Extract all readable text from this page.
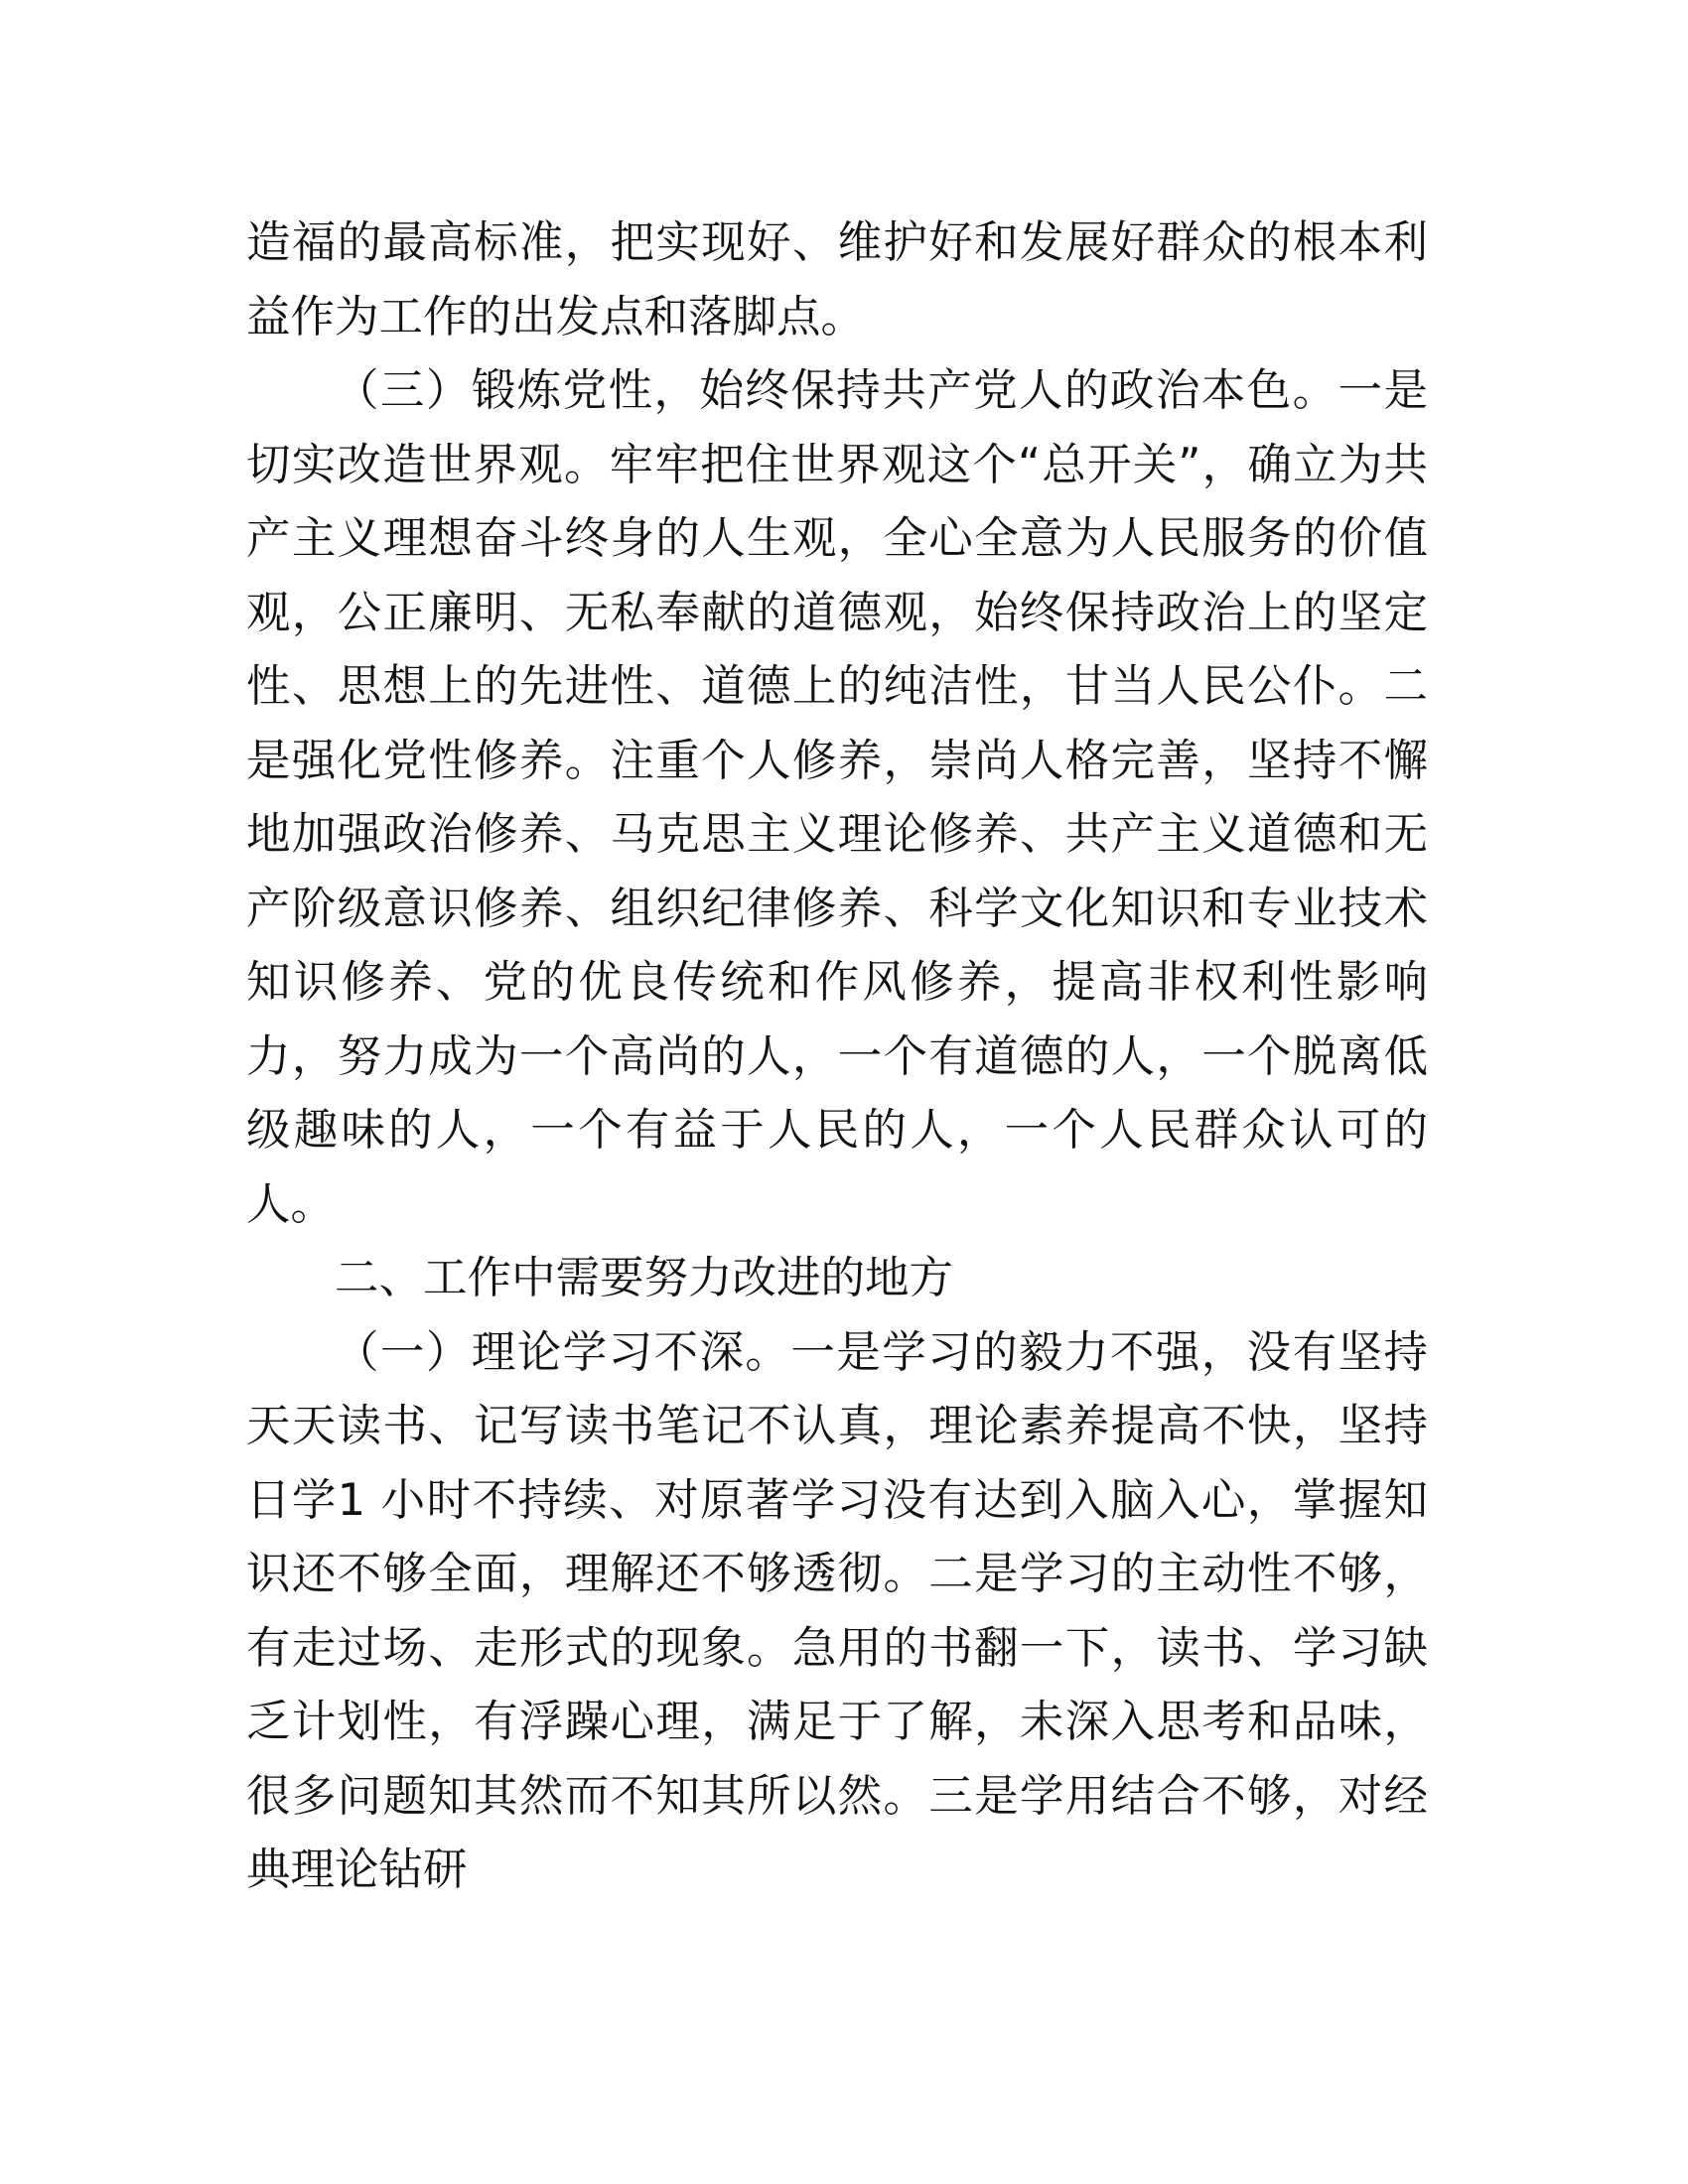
造福的最高标准，把实现好、维护好和发展好群众的根本利益作为工作的出发点和落脚点。

（三）锻炼党性，始终保持共产党人的政治本色。一是切实改造世界观。牢牢把住世界观这个“总开关”，确立为共产主义理想奋斗终身的人生观，全心全意为人民服务的价值观，公正廉明、无私奉献的道德观，始终保持政治上的坚定性、思想上的先进性、道德上的纯洁性，甘当人民公仆。二是强化党性修养。注重个人修养，崇尚人格完善，坚持不懈地加强政治修养、马克思主义理论修养、共产主义道德和无产阶级意识修养、组织纪律修养、科学文化知识和专业技术知识修养、党的优良传统和作风修养，提高非权利性影响力，努力成为一个高尚的人，一个有道德的人，一个脱离低级趣味的人，一个有益于人民的人，一个人民群众认可的人。

二、工作中需要努力改进的地方

（一）理论学习不深。一是学习的毅力不强，没有坚持天天读书、记写读书笔记不认真，理论素养提高不快，坚持日学1 小时不持续、对原著学习没有达到入脑入心，掌握知识还不够全面，理解还不够透彻。二是学习的主动性不够，有走过场、走形式的现象。急用的书翻一下，读书、学习缺乏计划性，有浮躁心理，满足于了解，未深入思考和品味，很多问题知其然而不知其所以然。三是学用结合不够，对经典理论钻研
